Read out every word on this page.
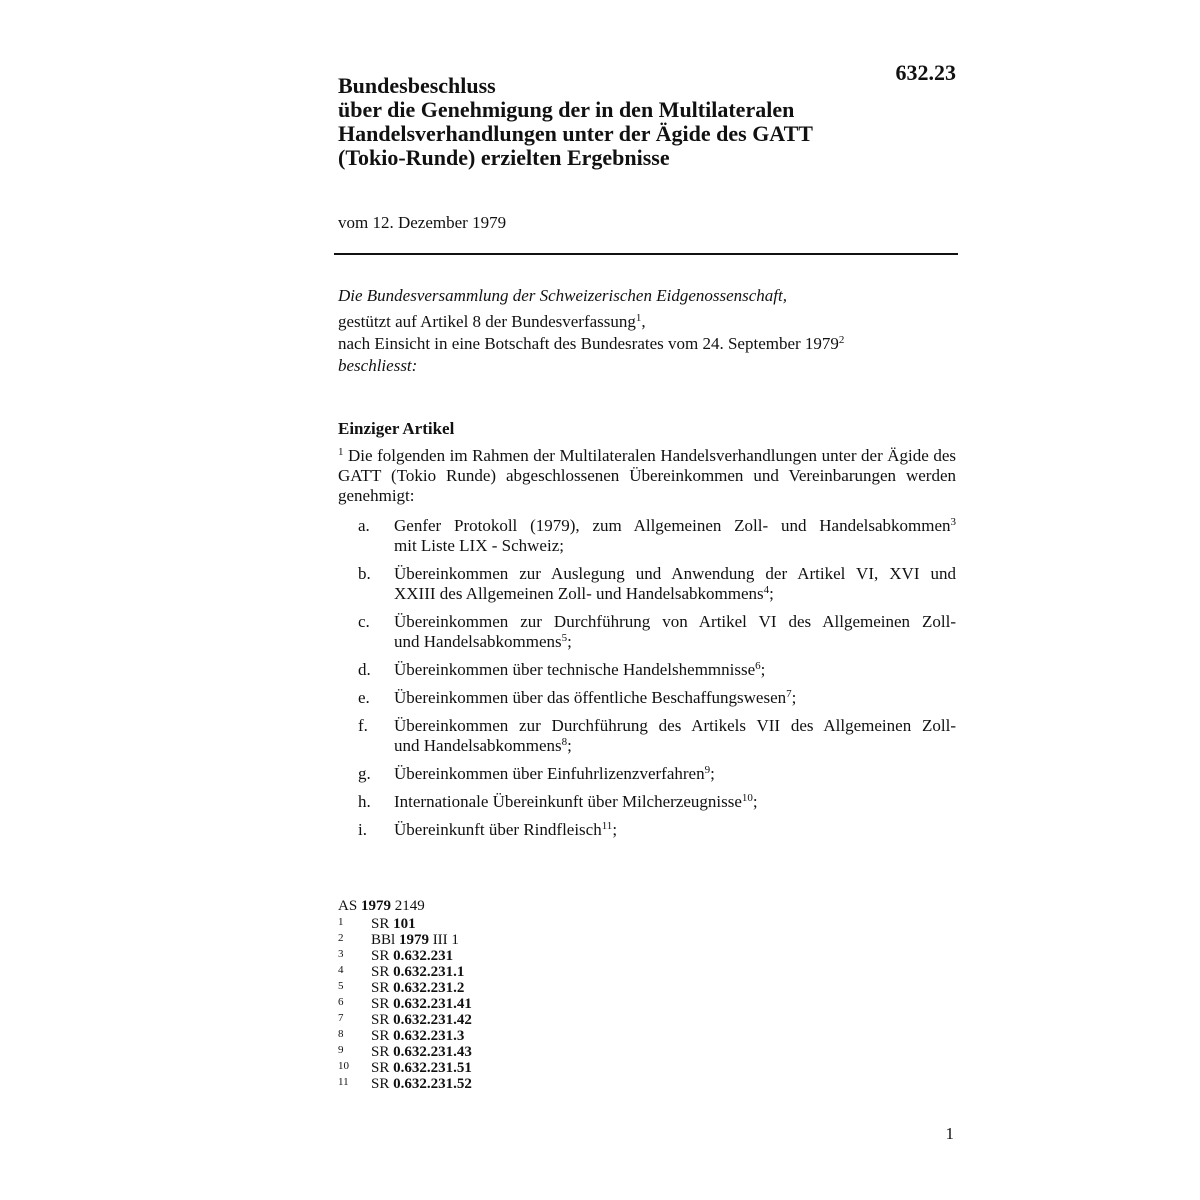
632.23
Bundesbeschluss
über die Genehmigung der in den Multilateralen
Handelsverhandlungen unter der Ägide des GATT
(Tokio-Runde) erzielten Ergebnisse
vom 12. Dezember 1979
Die Bundesversammlung der Schweizerischen Eidgenossenschaft,
gestützt auf Artikel 8 der Bundesverfassung$^1$,
nach Einsicht in eine Botschaft des Bundesrates vom 24. September 1979$^2$
beschliesst:
Einziger Artikel
$^1$ Die folgenden im Rahmen der Multilateralen Handelsverhandlungen unter der Ägide des GATT (Tokio Runde) abgeschlossenen Übereinkommen und Vereinbarungen werden genehmigt:
a.	Genfer Protokoll (1979), zum Allgemeinen Zoll- und Handelsabkommen$^3$
mit Liste LIX - Schweiz;
b.	Übereinkommen zur Auslegung und Anwendung der Artikel VI, XVI und
XXIII des Allgemeinen Zoll- und Handelsabkommens$^4$;
c.	Übereinkommen zur Durchführung von Artikel VI des Allgemeinen Zoll-
und Handelsabkommens$^5$;
d.	Übereinkommen über technische Handelshemmnisse$^6$;
e.	Übereinkommen über das öffentliche Beschaffungswesen$^7$;
f.	Übereinkommen zur Durchführung des Artikels VII des Allgemeinen Zoll-
und Handelsabkommens$^8$;
g.	Übereinkommen über Einfuhrlizenzverfahren$^9$;
h.	Internationale Übereinkunft über Milcherzeugnisse$^{10}$;
i.	Übereinkunft über Rindfleisch$^{11}$;
AS 1979 2149
1	SR 101
2	BBl 1979 III 1
3	SR 0.632.231
4	SR 0.632.231.1
5	SR 0.632.231.2
6	SR 0.632.231.41
7	SR 0.632.231.42
8	SR 0.632.231.3
9	SR 0.632.231.43
10	SR 0.632.231.51
11	SR 0.632.231.52
1
